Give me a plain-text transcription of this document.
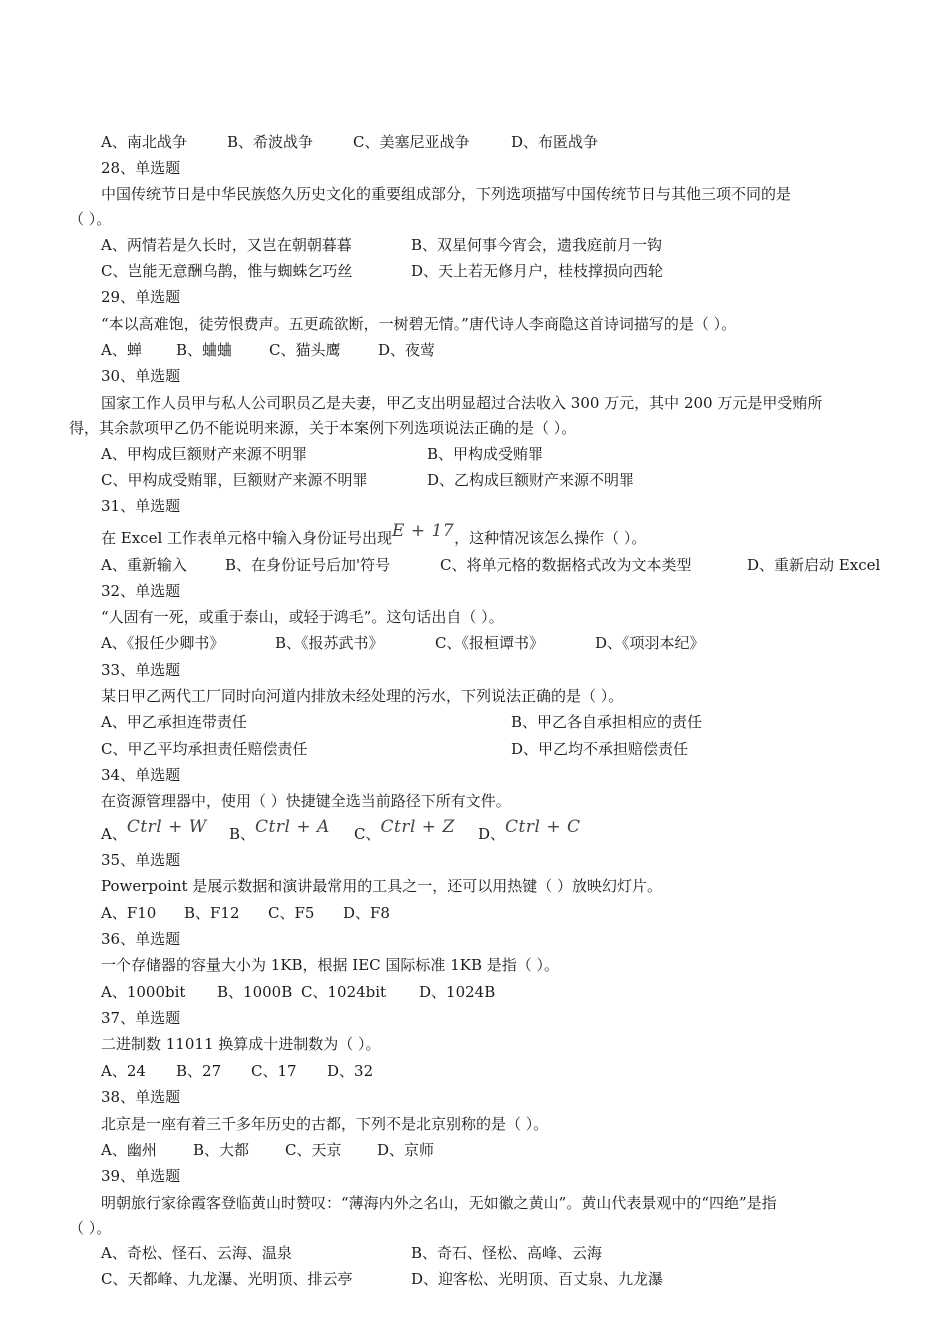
A、南北战争	B、希波战争	C、美塞尼亚战争	D、布匿战争
28、单选题
中国传统节日是中华民族悠久历史文化的重要组成部分，下列选项描写中国传统节日与其他三项不同的是
（ ）。
A、两情若是久长时，又岂在朝朝暮暮	B、双星何事今宵会，遗我庭前月一钩
C、岂能无意酬乌鹊，惟与蜘蛛乞巧丝	D、天上若无修月户，桂枝撑损向西轮
29、单选题
“本以高难饱，徒劳恨费声。五更疏欲断，一树碧无情。”唐代诗人李商隐这首诗词描写的是（ ）。
A、蝉 B、蛐蛐 C、猫头鹰	D、夜莺
30、单选题
国家工作人员甲与私人公司职员乙是夫妻，甲乙支出明显超过合法收入 300 万元，其中 200 万元是甲受贿所
得，其余款项甲乙仍不能说明来源，关于本案例下列选项说法正确的是（ ）。
A、甲构成巨额财产来源不明罪	B、甲构成受贿罪
C、甲构成受贿罪，巨额财产来源不明罪	D、乙构成巨额财产来源不明罪
31、单选题
在 Excel 工作表单元格中输入身份证号出现E + 17，这种情况该怎么操作（ ）。
A、重新输入	B、在身份证号后加'符号	C、将单元格的数据格式改为文本类型	D、重新启动 Excel
32、单选题
“人固有一死，或重于泰山，或轻于鸿毛”。这句话出自（ ）。
A、《报任少卿书》	B、《报苏武书》	C、《报桓谭书》	D、《项羽本纪》
33、单选题
某日甲乙两代工厂同时向河道内排放未经处理的污水，下列说法正确的是（ ）。
A、甲乙承担连带责任	B、甲乙各自承担相应的责任
C、甲乙平均承担责任赔偿责任	D、甲乙均不承担赔偿责任
34、单选题
在资源管理器中，使用（ ）快捷键全选当前路径下所有文件。
A、Ctrl + W B、Ctrl + A C、Ctrl + Z D、Ctrl + C
35、单选题
Powerpoint 是展示数据和演讲最常用的工具之一，还可以用热键（ ）放映幻灯片。
A、F10 B、F12 C、F5 D、F8
36、单选题
一个存储器的容量大小为 1KB，根据 IEC 国际标准 1KB 是指（ ）。
A、1000bit B、1000B C、1024bit D、1024B
37、单选题
二进制数 11011 换算成十进制数为（ ）。
A、24 B、27 C、17 D、32
38、单选题
北京是一座有着三千多年历史的古都，下列不是北京别称的是（ ）。
A、幽州 B、大都 C、天京 D、京师
39、单选题
明朝旅行家徐霞客登临黄山时赞叹：“薄海内外之名山，无如徽之黄山”。黄山代表景观中的“四绝”是指
（ ）。
A、奇松、怪石、云海、温泉	B、奇石、怪松、高峰、云海
C、天都峰、九龙瀑、光明顶、排云亭	D、迎客松、光明顶、百丈泉、九龙瀑
